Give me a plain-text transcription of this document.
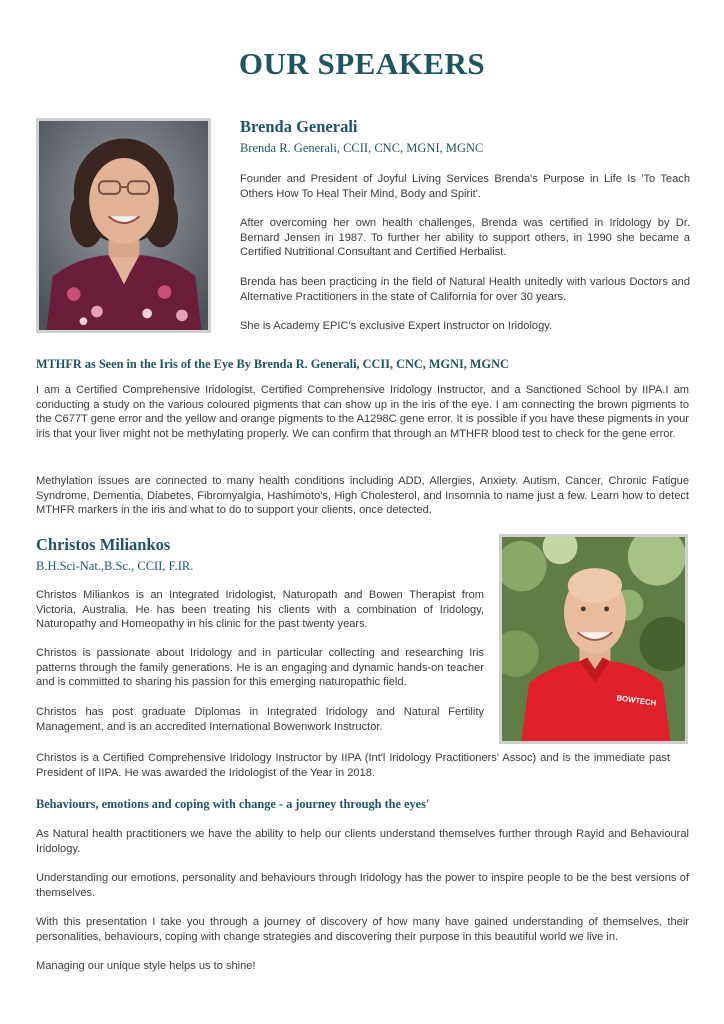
OUR SPEAKERS
Brenda Generali

Brenda R. Generali, CCII, CNC, MGNI, MGNC

Founder and President of Joyful Living Services Brenda's Purpose in Life Is 'To Teach Others How To Heal Their Mind, Body and Spirit'.

After overcoming her own health challenges, Brenda was certified in Iridology by Dr. Bernard Jensen in 1987. To further her ability to support others, in 1990 she became a Certified Nutritional Consultant and Certified Herbalist.

Brenda has been practicing in the field of Natural Health unitedly with various Doctors and Alternative Practitioners in the state of California for over 30 years.

She is Academy EPIC's exclusive Expert Instructor on Iridology.

MTHFR as Seen in the Iris of the Eye By Brenda R. Generali, CCII, CNC, MGNI, MGNC

I am a Certified Comprehensive Iridologist, Certified Comprehensive Iridology Instructor, and a Sanctioned School by IIPA.I am conducting a study on the various coloured pigments that can show up in the iris of the eye. I am connecting the brown pigments to the C677T gene error and the yellow and orange pigments to the A1298C gene error. It is possible if you have these pigments in your iris that your liver might not be methylating properly. We can confirm that through an MTHFR blood test to check for the gene error.

Methylation issues are connected to many health conditions including ADD, Allergies, Anxiety. Autism, Cancer, Chronic Fatigue Syndrome, Dementia, Diabetes, Fibromyalgia, Hashimoto's, High Cholesterol, and Insomnia to name just a few. Learn how to detect MTHFR markers in the iris and what to do to support your clients, once detected.

Christos Miliankos

B.H.Sci-Nat.,B.Sc., CCII, F.IR.

BOWTECH

Christos Miliankos is an Integrated Iridologist, Naturopath and Bowen Therapist from Victoria, Australia. He has been treating his clients with a combination of Iridology, Naturopathy and Homeopathy in his clinic for the past twenty years.

Christos is passionate about Iridology and in particular collecting and researching Iris patterns through the family generations. He is an engaging and dynamic hands-on teacher and is committed to sharing his passion for this emerging naturopathic field.

Christos has post graduate Diplomas in Integrated Iridology and Natural Fertility Management, and is an accredited International Bowenwork Instructor.

Christos is a Certified Comprehensive Iridology Instructor by IIPA (Int'l Iridology Practitioners' Assoc) and is the immediate past President of IIPA. He was awarded the Iridologist of the Year in 2018.

Behaviours, emotions and coping with change - a journey through the eyes'

As Natural health practitioners we have the ability to help our clients understand themselves further through Rayid and Behavioural Iridology.

Understanding our emotions, personality and behaviours through Iridology has the power to inspire people to be the best versions of themselves.

With this presentation I take you through a journey of discovery of how many have gained understanding of themselves, their personalities, behaviours, coping with change strategies and discovering their purpose in this beautiful world we live in.

Managing our unique style helps us to shine!
